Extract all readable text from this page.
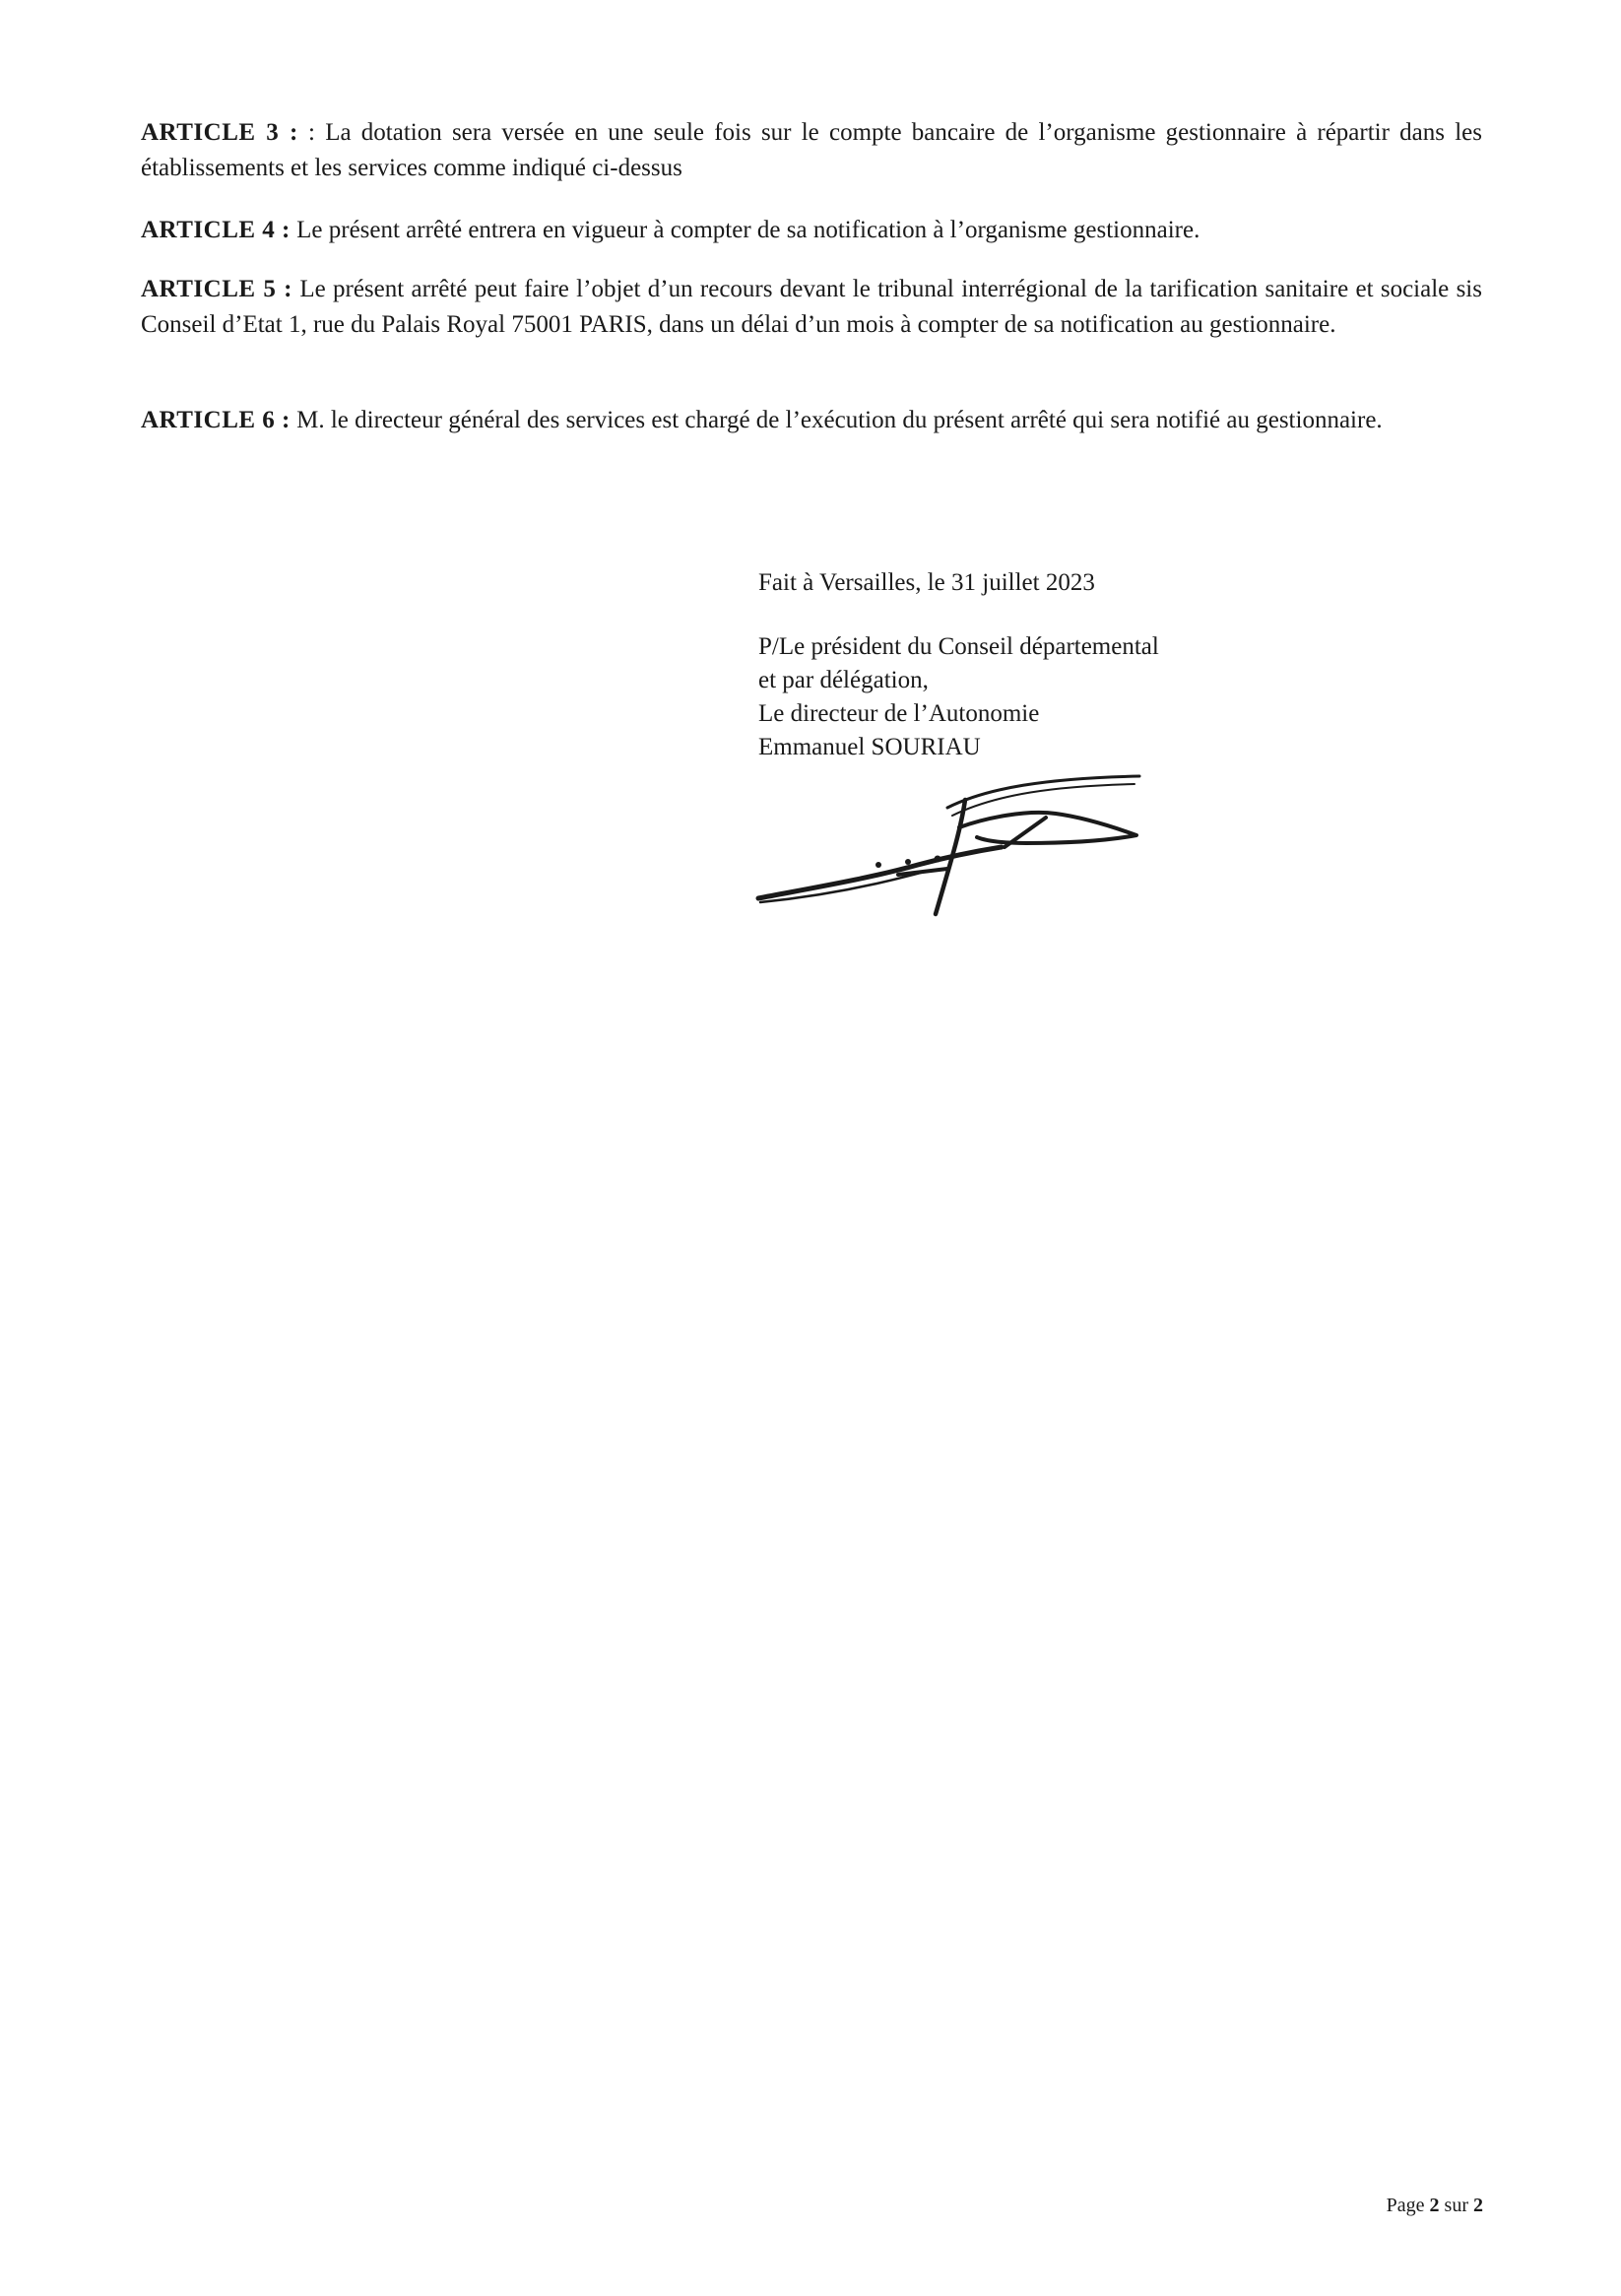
ARTICLE 3 : : La dotation sera versée en une seule fois sur le compte bancaire de l’organisme gestionnaire à répartir dans les établissements et les services comme indiqué ci-dessus

ARTICLE 4 : Le présent arrêté entrera en vigueur à compter de sa notification à l’organisme gestionnaire.

ARTICLE 5 : Le présent arrêté peut faire l’objet d’un recours devant le tribunal interrégional de la tarification sanitaire et sociale sis Conseil d’Etat 1, rue du Palais Royal 75001 PARIS, dans un délai d’un mois à compter de sa notification au gestionnaire.

ARTICLE 6 : M. le directeur général des services est chargé de l’exécution du présent arrêté qui sera notifié au gestionnaire.

Fait à Versailles, le 31 juillet 2023
P/Le président du Conseil départemental
et par délégation,
Le directeur de l’Autonomie
Emmanuel SOURIAU
Page 2 sur 2
